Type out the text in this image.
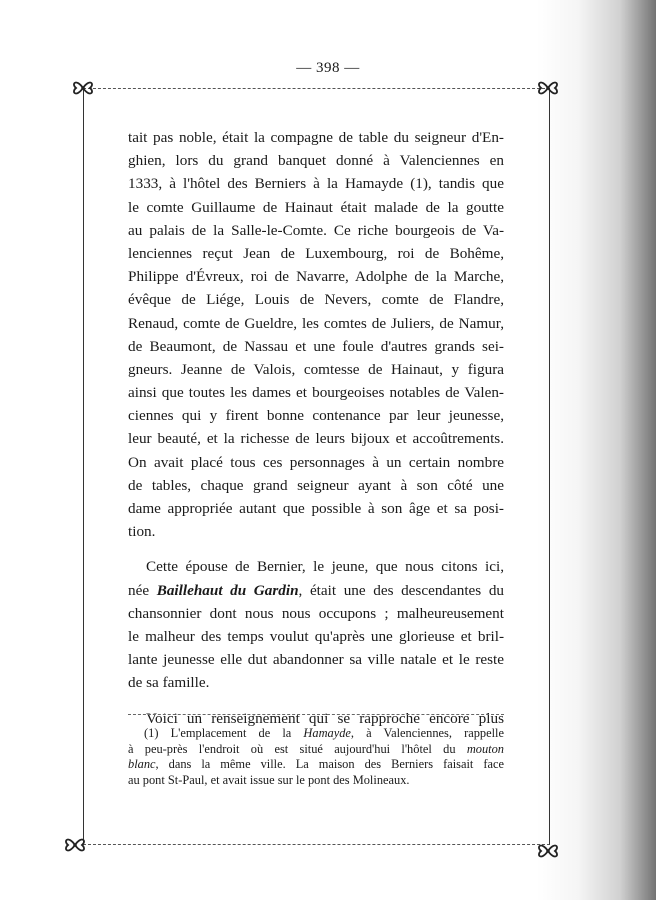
— 398 —
tait pas noble, était la compagne de table du seigneur d'En-
ghien, lors du grand banquet donné à Valenciennes en
1333, à l'hôtel des Berniers à la Hamayde (1), tandis que
le comte Guillaume de Hainaut était malade de la goutte
au palais de la Salle-le-Comte. Ce riche bourgeois de Va-
lenciennes reçut Jean de Luxembourg, roi de Bohême,
Philippe d'Évreux, roi de Navarre, Adolphe de la Marche,
évêque de Liége, Louis de Nevers, comte de Flandre,
Renaud, comte de Gueldre, les comtes de Juliers, de Namur,
de Beaumont, de Nassau et une foule d'autres grands sei-
gneurs. Jeanne de Valois, comtesse de Hainaut, y figura
ainsi que toutes les dames et bourgeoises notables de Valen-
ciennes qui y firent bonne contenance par leur jeunesse,
leur beauté, et la richesse de leurs bijoux et accoûtrements.
On avait placé tous ces personnages à un certain nombre
de tables, chaque grand seigneur ayant à son côté une
dame appropriée autant que possible à son âge et sa posi-
tion.
Cette épouse de Bernier, le jeune, que nous citons ici,
née Baillehaut du Gardin, était une des descendantes du
chansonnier dont nous nous occupons ; malheureusement
le malheur des temps voulut qu'après une glorieuse et bril-
lante jeunesse elle dut abandonner sa ville natale et le reste
de sa famille.
Voici un renseignement qui se rapproche encore plus
(1) L'emplacement de la Hamayde, à Valenciennes, rappelle
à peu-près l'endroit où est situé aujourd'hui l'hôtel du mouton
blanc, dans la même ville. La maison des Berniers faisait face
au pont St-Paul, et avait issue sur le pont des Molineaux.
